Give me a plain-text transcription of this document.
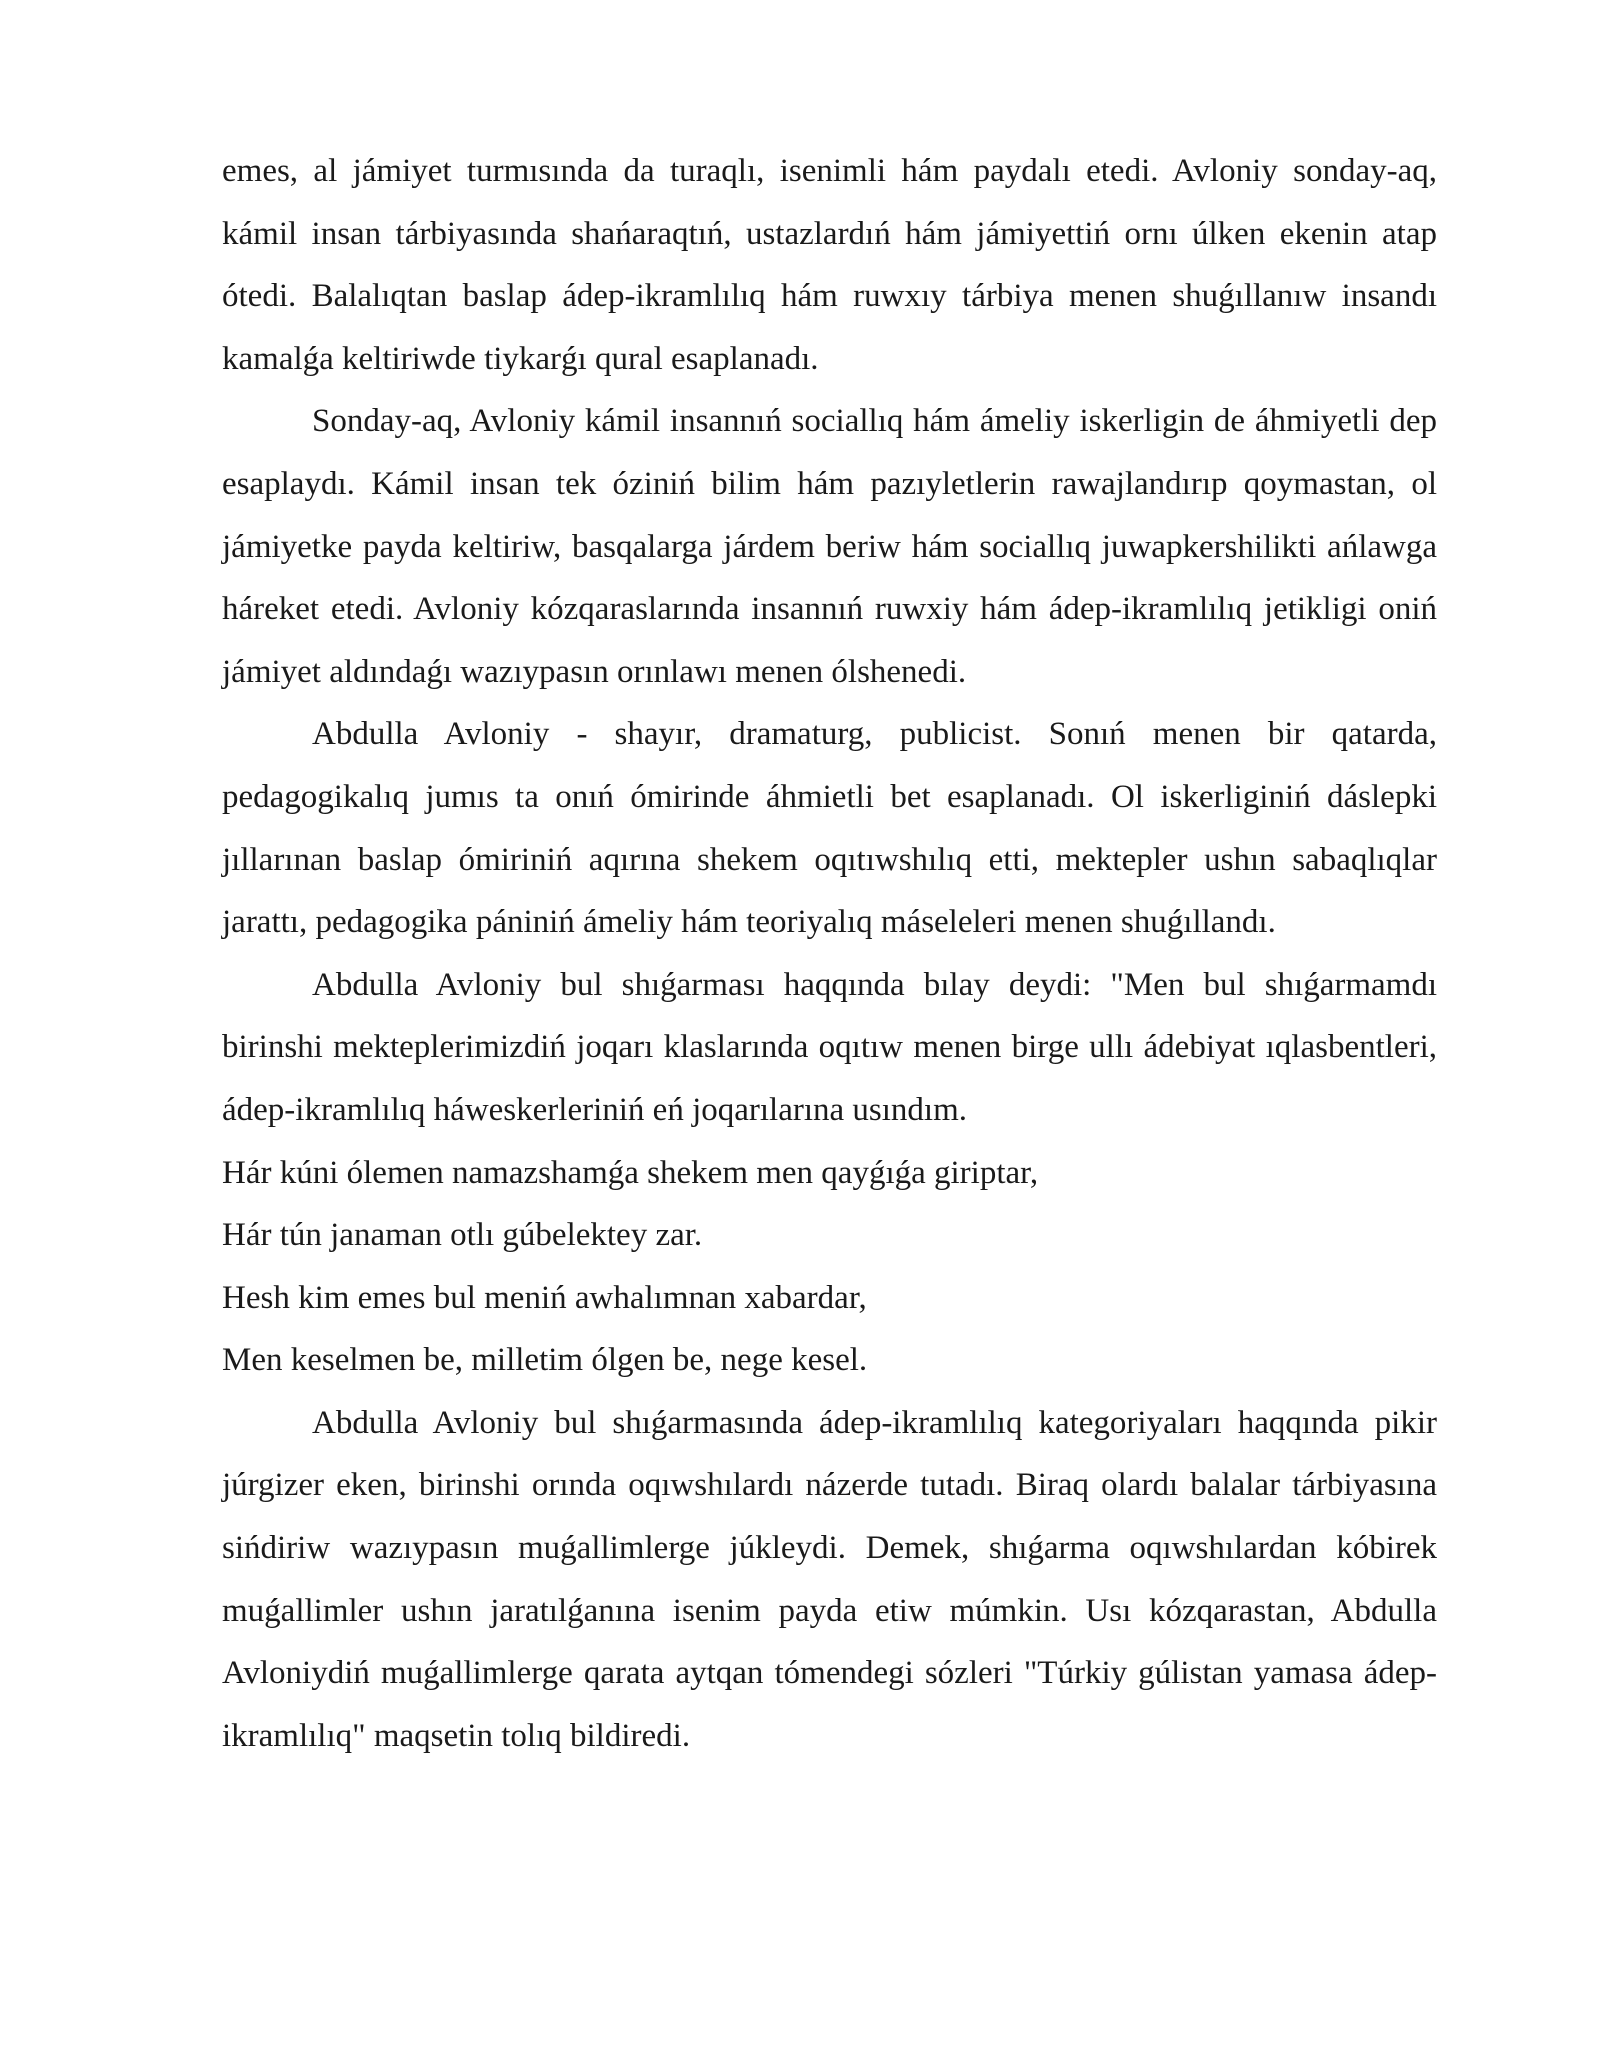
emes, al jámiyet turmısında da turaqlı, isenimli hám paydalı etedi. Avloniy sonday-aq, kámil insan tárbiyasında shańaraqtıń, ustazlardıń hám jámiyettiń ornı úlken ekenin atap ótedi. Balalıqtan baslap ádep-ikramlılıq hám ruwxıy tárbiya menen shuǵıllanıw insandı kamalǵa keltiriwde tiykarǵı qural esaplanadı.

Sonday-aq, Avloniy kámil insannıń sociallıq hám ámeliy iskerligin de áhmiyetli dep esaplaydı. Kámil insan tek óziniń bilim hám pazıyletlerin rawajlandırıp qoymastan, ol jámiyetke payda keltiriw, basqalarga járdem beriw hám sociallıq juwapkershilikti ańlawga háreket etedi. Avloniy kózqaraslarında insannıń ruwxiy hám ádep-ikramlılıq jetikligi oniń jámiyet aldındaǵı wazıypasın orınlawı menen ólshenedi.

Abdulla Avloniy - shayır, dramaturg, publicist. Sonıń menen bir qatarda, pedagogikalıq jumıs ta onıń ómirinde áhmietli bet esaplanadı. Ol iskerliginiń dáslepki jıllarınan baslap ómiriniń aqırına shekem oqıtıwshılıq etti, mektepler ushın sabaqlıqlar jarattı, pedagogika pániniń ámeliy hám teoriyalıq máseleleri menen shuǵıllandı.

Abdulla Avloniy bul shıǵarması haqqında bılay deydi: "Men bul shıǵarmamdı birinshi mekteplerimizdiń joqarı klaslarında oqıtıw menen birge ullı ádebiyat ıqlasbentleri, ádep-ikramlılıq háweskerleriniń eń joqarılarına usındım.

Hár kúni ólemen namazshamǵa shekem men qayǵıǵa giriptar,

Hár tún janaman otlı gúbelektey zar.

Hesh kim emes bul meniń awhalımnan xabardar,

Men keselmen be, milletim ólgen be, nege kesel.

Abdulla Avloniy bul shıǵarmasında ádep-ikramlılıq kategoriyaları haqqında pikir júrgizer eken, birinshi orında oqıwshılardı názerde tutadı. Biraq olardı balalar tárbiyasına sińdiriw wazıypasın muǵallimlerge júkleydi. Demek, shıǵarma oqıwshılardan kóbirek muǵallimler ushın jaratılǵanına isenim payda etiw múmkin. Usı kózqarastan, Abdulla Avloniydiń muǵallimlerge qarata aytqan tómendegi sózleri "Túrkiy gúlistan yamasa ádep-ikramlılıq" maqsetin tolıq bildiredi.
